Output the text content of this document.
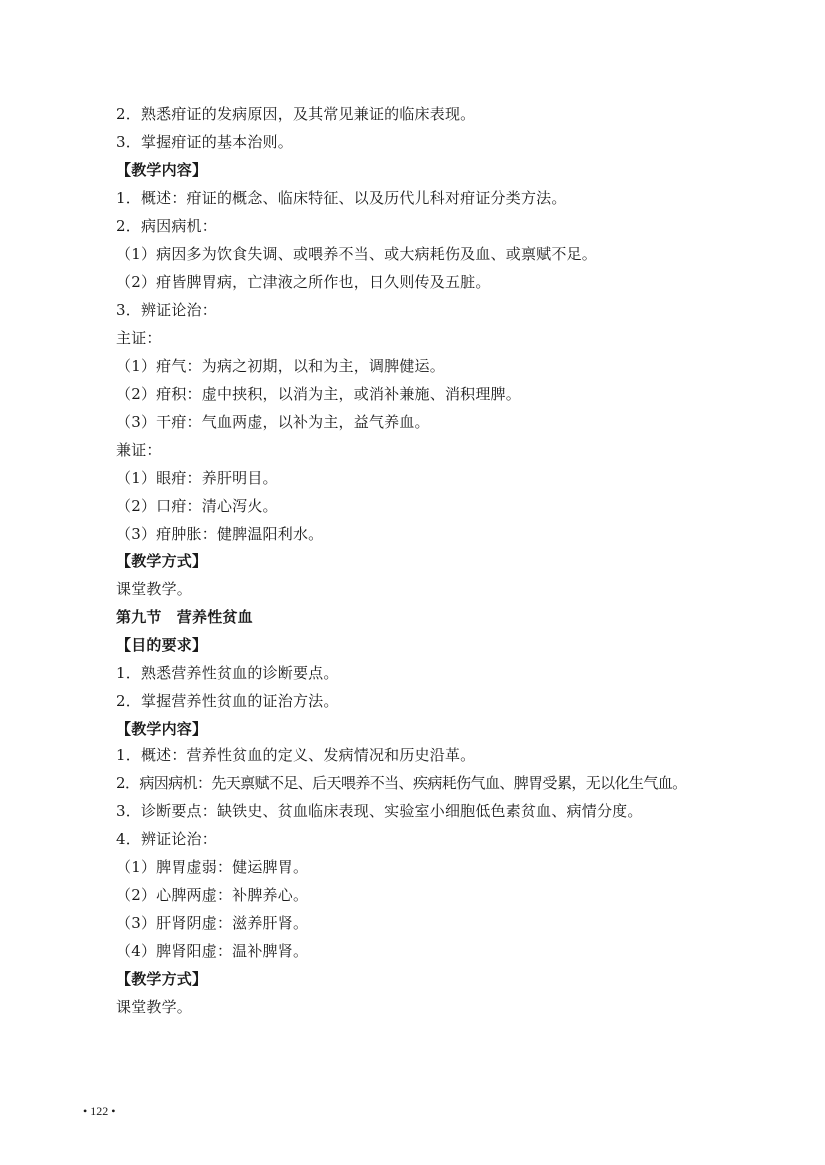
2．熟悉疳证的发病原因，及其常见兼证的临床表现。
3．掌握疳证的基本治则。
【教学内容】
1．概述：疳证的概念、临床特征、以及历代儿科对疳证分类方法。
2．病因病机：
（1）病因多为饮食失调、或喂养不当、或大病耗伤及血、或禀赋不足。
（2）疳皆脾胃病，亡津液之所作也，日久则传及五脏。
3．辨证论治：
主证：
（1）疳气：为病之初期，以和为主，调脾健运。
（2）疳积：虚中挟积，以消为主，或消补兼施、消积理脾。
（3）干疳：气血两虚，以补为主，益气养血。
兼证：
（1）眼疳：养肝明目。
（2）口疳：清心泻火。
（3）疳肿胀：健脾温阳利水。
【教学方式】
课堂教学。
第九节　营养性贫血
【目的要求】
1．熟悉营养性贫血的诊断要点。
2．掌握营养性贫血的证治方法。
【教学内容】
1．概述：营养性贫血的定义、发病情况和历史沿革。
2．病因病机：先天禀赋不足、后天喂养不当、疾病耗伤气血、脾胃受累，无以化生气血。
3．诊断要点：缺铁史、贫血临床表现、实验室小细胞低色素贫血、病情分度。
4．辨证论治：
（1）脾胃虚弱：健运脾胃。
（2）心脾两虚：补脾养心。
（3）肝肾阴虚：滋养肝肾。
（4）脾肾阳虚：温补脾肾。
【教学方式】
课堂教学。
• 122 •
